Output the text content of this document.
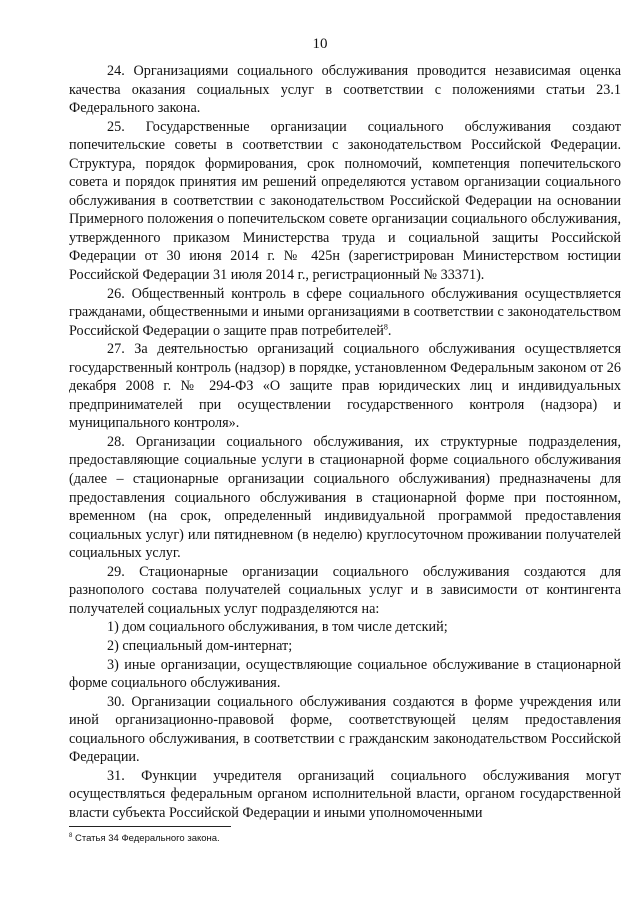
10

24. Организациями социального обслуживания проводится независимая оценка качества оказания социальных услуг в соответствии с положениями статьи 23.1 Федерального закона.

25. Государственные организации социального обслуживания создают попечительские советы в соответствии с законодательством Российской Федерации. Структура, порядок формирования, срок полномочий, компетенция попечительского совета и порядок принятия им решений определяются уставом организации социального обслуживания в соответствии с законодательством Российской Федерации на основании Примерного положения о попечительском совете организации социального обслуживания, утвержденного приказом Министерства труда и социальной защиты Российской Федерации от 30 июня 2014 г. № 425н (зарегистрирован Министерством юстиции Российской Федерации 31 июля 2014 г., регистрационный № 33371).

26. Общественный контроль в сфере социального обслуживания осуществляется гражданами, общественными и иными организациями в соответствии с законодательством Российской Федерации о защите прав потребителей$^8$.

27. За деятельностью организаций социального обслуживания осуществляется государственный контроль (надзор) в порядке, установленном Федеральным законом от 26 декабря 2008 г. № 294-ФЗ «О защите прав юридических лиц и индивидуальных предпринимателей при осуществлении государственного контроля (надзора) и муниципального контроля».

28. Организации социального обслуживания, их структурные подразделения, предоставляющие социальные услуги в стационарной форме социального обслуживания (далее – стационарные организации социального обслуживания) предназначены для предоставления социального обслуживания в стационарной форме при постоянном, временном (на срок, определенный индивидуальной программой предоставления социальных услуг) или пятидневном (в неделю) круглосуточном проживании получателей социальных услуг.

29. Стационарные организации социального обслуживания создаются для разнополого состава получателей социальных услуг и в зависимости от контингента получателей социальных услуг подразделяются на:

1) дом социального обслуживания, в том числе детский;

2) специальный дом-интернат;

3) иные организации, осуществляющие социальное обслуживание в стационарной форме социального обслуживания.

30. Организации социального обслуживания создаются в форме учреждения или иной организационно-правовой форме, соответствующей целям предоставления социального обслуживания, в соответствии с гражданским законодательством Российской Федерации.

31. Функции учредителя организаций социального обслуживания могут осуществляться федеральным органом исполнительной власти, органом государственной власти субъекта Российской Федерации и иными уполномоченными

$^8$ Статья 34 Федерального закона.
